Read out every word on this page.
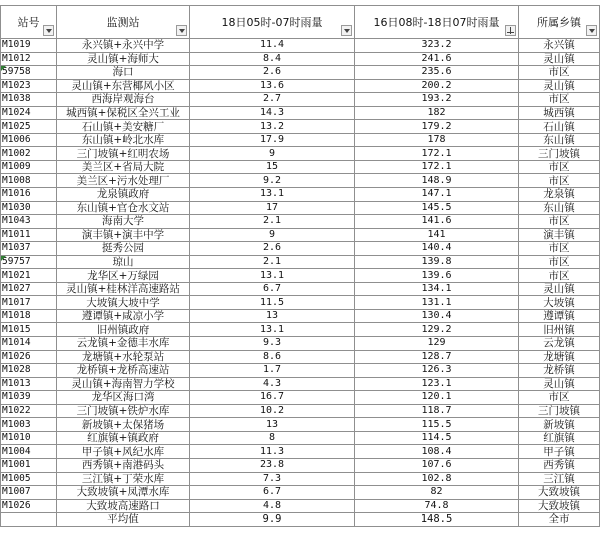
站号	监测站	18日05时-07时雨量	16日08时-18日07时雨量	所属乡镇

M1019	永兴镇+永兴中学	11.4	323.2	永兴镇
M1012	灵山镇+海师大	8.4	241.6	灵山镇
59758	海口	2.6	235.6	市区
M1023	灵山镇+东营椰风小区	13.6	200.2	灵山镇
M1038	西海岸观海台	2.7	193.2	市区
M1024	城西镇+保税区全兴工业	14.3	182	城西镇
M1025	石山镇+美安糖厂	13.2	179.2	石山镇
M1006	东山镇+岭北水库	17.9	178	东山镇
M1002	三门坡镇+红明农场	9	172.1	三门坡镇
M1009	美兰区+省局大院	15	172.1	市区
M1008	美兰区+污水处理厂	9.2	148.9	市区
M1016	龙泉镇政府	13.1	147.1	龙泉镇
M1030	东山镇+官仓水文站	17	145.5	东山镇
M1043	海南大学	2.1	141.6	市区
M1011	演丰镇+演丰中学	9	141	演丰镇
M1037	挺秀公园	2.6	140.4	市区
59757	琼山	2.1	139.8	市区
M1021	龙华区+万绿园	13.1	139.6	市区
M1027	灵山镇+桂林洋高速路站	6.7	134.1	灵山镇
M1017	大坡镇大坡中学	11.5	131.1	大坡镇
M1018	遵谭镇+咸凉小学	13	130.4	遵谭镇
M1015	旧州镇政府	13.1	129.2	旧州镇
M1014	云龙镇+金德丰水库	9.3	129	云龙镇
M1026	龙塘镇+水轮泵站	8.6	128.7	龙塘镇
M1028	龙桥镇+龙桥高速站	1.7	126.3	龙桥镇
M1013	灵山镇+海南智力学校	4.3	123.1	灵山镇
M1039	龙华区海口湾	16.7	120.1	市区
M1022	三门坡镇+铁炉水库	10.2	118.7	三门坡镇
M1003	新坡镇+太保猪场	13	115.5	新坡镇
M1010	红旗镇+镇政府	8	114.5	红旗镇
M1004	甲子镇+风纪水库	11.3	108.4	甲子镇
M1001	西秀镇+南港码头	23.8	107.6	西秀镇
M1005	三江镇+丁荣水库	7.3	102.8	三江镇
M1007	大致坡镇+凤潭水库	6.7	82	大致坡镇
M1026	大致坡高速路口	4.8	74.8	大致坡镇
	平均值	9.9	148.5	全市
